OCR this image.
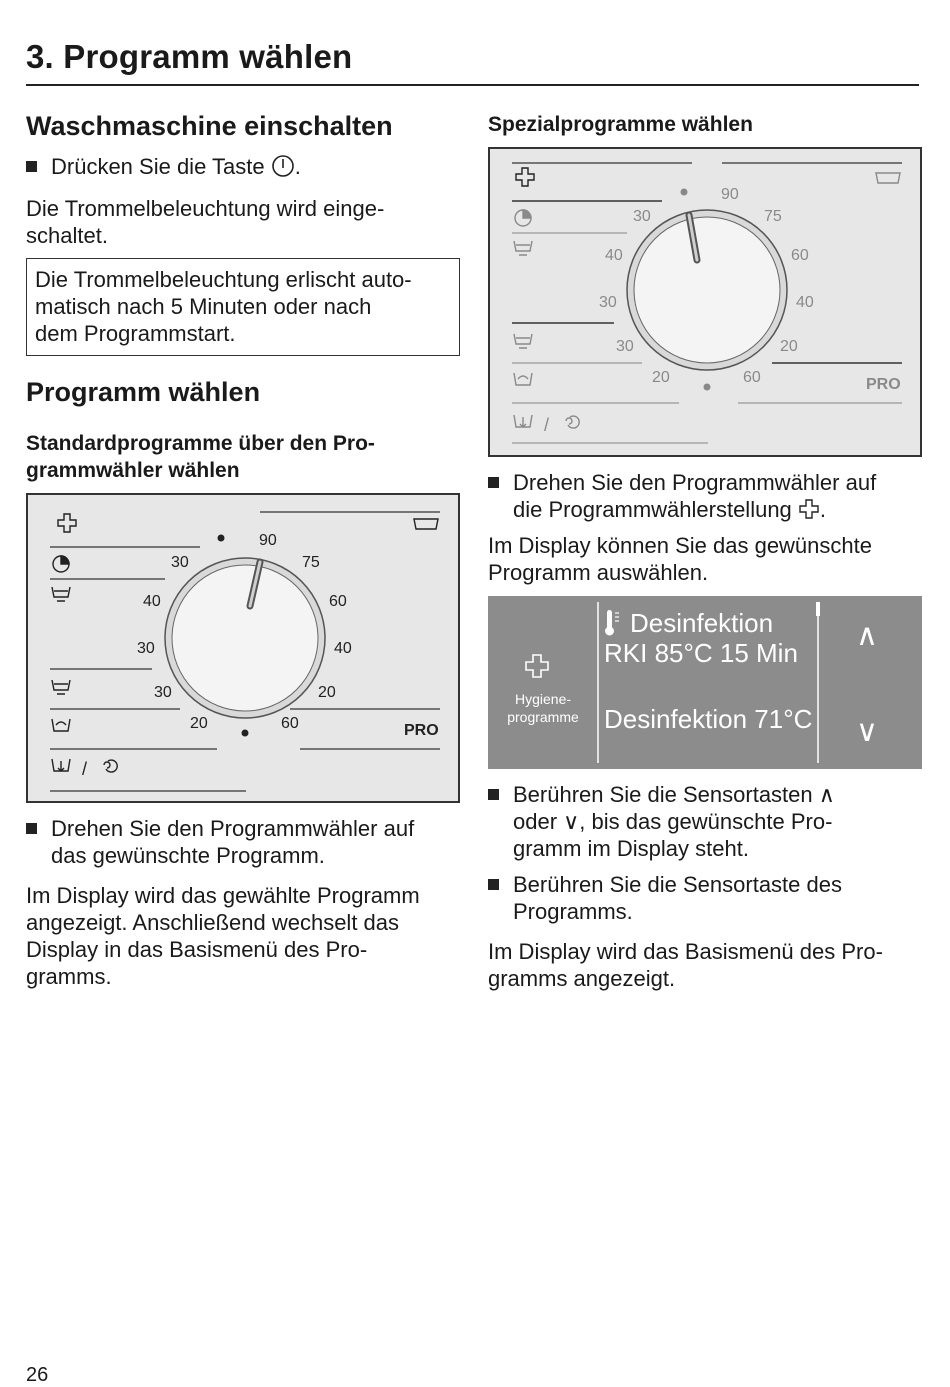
3. Programm wählen
Waschmaschine einschalten

Drücken Sie die Taste .

Die Trommelbeleuchtung wird einge-

schaltet.

Die Trommelbeleuchtung erlischt auto-
matisch nach 5 Minuten oder nach
dem Programmstart.
Programm wählen
Standardprogramme über den Pro-
grammwähler wählen
30
90
75
40	60
30	40
30	20
20	60	PRO
/

Drehen Sie den Programmwähler auf

das gewünschte Programm.

Im Display wird das gewählte Programm

angezeigt. Anschließend wechselt das

Display in das Basismenü des Pro-

gramms.

Spezialprogramme wählen
30
90
75
40	60
30	40
30	20
20	60	PRO
/

Drehen Sie den Programmwähler auf

die Programmwählerstellung .

Im Display können Sie das gewünschte

Programm auswählen.

Hygiene-
programme
Desinfektion
RKI 85°C 15 Min
Desinfektion 71°C
∧
∨

Berühren Sie die Sensortasten ∧

oder ∨, bis das gewünschte Pro-

gramm im Display steht.

Berühren Sie die Sensortaste des

Programms.

Im Display wird das Basismenü des Pro-

gramms angezeigt.

26
